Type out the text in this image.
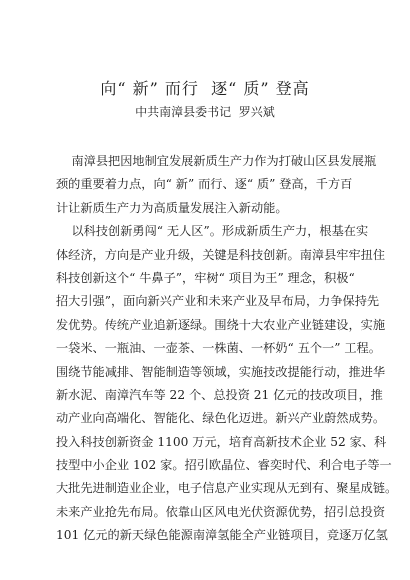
向“ 新” 而行  逐“ 质” 登高
中共南漳县委书记  罗兴斌
南漳县把因地制宜发展新质生产力作为打破山区县发展瓶
颈的重要着力点，向“ 新” 而行、逐“ 质” 登高，千方百
计让新质生产力为高质量发展注入新动能。
以科技创新勇闯“ 无人区”。形成新质生产力，根基在实
体经济，方向是产业升级，关键是科技创新。南漳县牢牢扭住
科技创新这个“ 牛鼻子”，牢树“ 项目为王” 理念，积极“
招大引强”，面向新兴产业和未来产业及早布局，力争保持先
发优势。传统产业追新逐绿。围绕十大农业产业链建设，实施
一袋米、一瓶油、一壶茶、一株菌、一杯奶“ 五个一” 工程。
围绕节能减排、智能制造等领域，实施技改提能行动，推进华
新水泥、南漳汽车等 22 个、总投资 21 亿元的技改项目，推
动产业向高端化、智能化、绿色化迈进。新兴产业蔚然成势。
投入科技创新资金 1100 万元，培育高新技术企业 52 家、科
技型中小企业 102 家。招引欧晶位、睿奕时代、利合电子等一
大批先进制造业企业，电子信息产业实现从无到有、聚星成链。
未来产业抢先布局。依靠山区风电光伏资源优势，招引总投资
101 亿元的新天绿色能源南漳氢能全产业链项目，竞逐万亿氢
